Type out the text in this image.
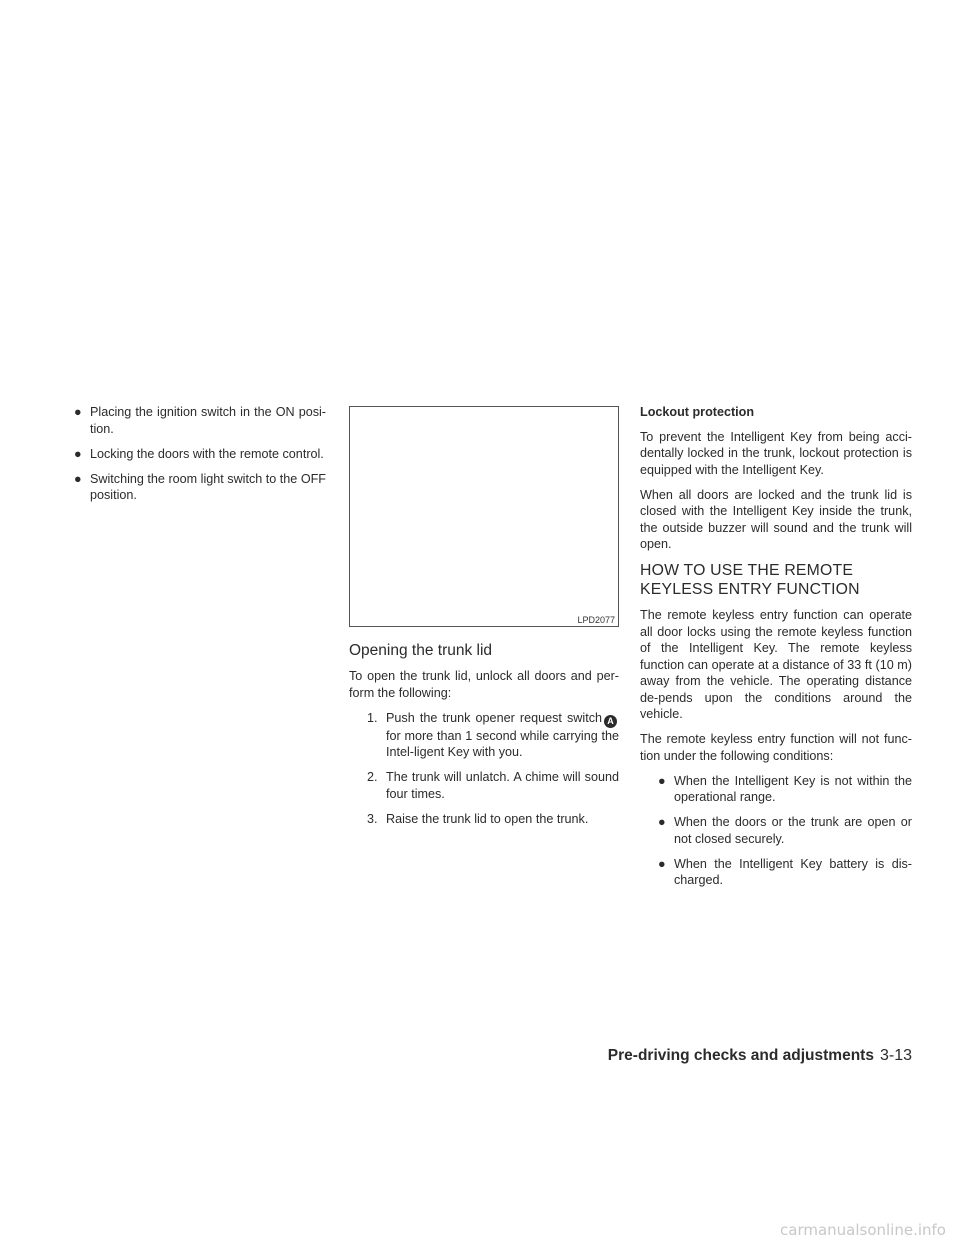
● Placing the ignition switch in the ON posi-tion.
● Locking the doors with the remote control.
● Switching the room light switch to the OFF position.
LPD2077
Opening the trunk lid

To open the trunk lid, unlock all doors and per-form the following:

1. Push the trunk opener request switch Afor more than 1 second while carrying the Intel-ligent Key with you.
2. The trunk will unlatch. A chime will sound four times.
3. Raise the trunk lid to open the trunk.
Lockout protection

To prevent the Intelligent Key from being acci-dentally locked in the trunk, lockout protection is equipped with the Intelligent Key.

When all doors are locked and the trunk lid is closed with the Intelligent Key inside the trunk, the outside buzzer will sound and the trunk will open.

HOW TO USE THE REMOTE
KEYLESS ENTRY FUNCTION

The remote keyless entry function can operate all door locks using the remote keyless function of the Intelligent Key. The remote keyless function can operate at a distance of 33 ft (10 m) away from the vehicle. The operating distance de-pends upon the conditions around the vehicle.

The remote keyless entry function will not func-tion under the following conditions:

● When the Intelligent Key is not within the operational range.
● When the doors or the trunk are open or not closed securely.
● When the Intelligent Key battery is dis-charged.
Pre-driving checks and adjustments 3-13
carmanualsonline.info
